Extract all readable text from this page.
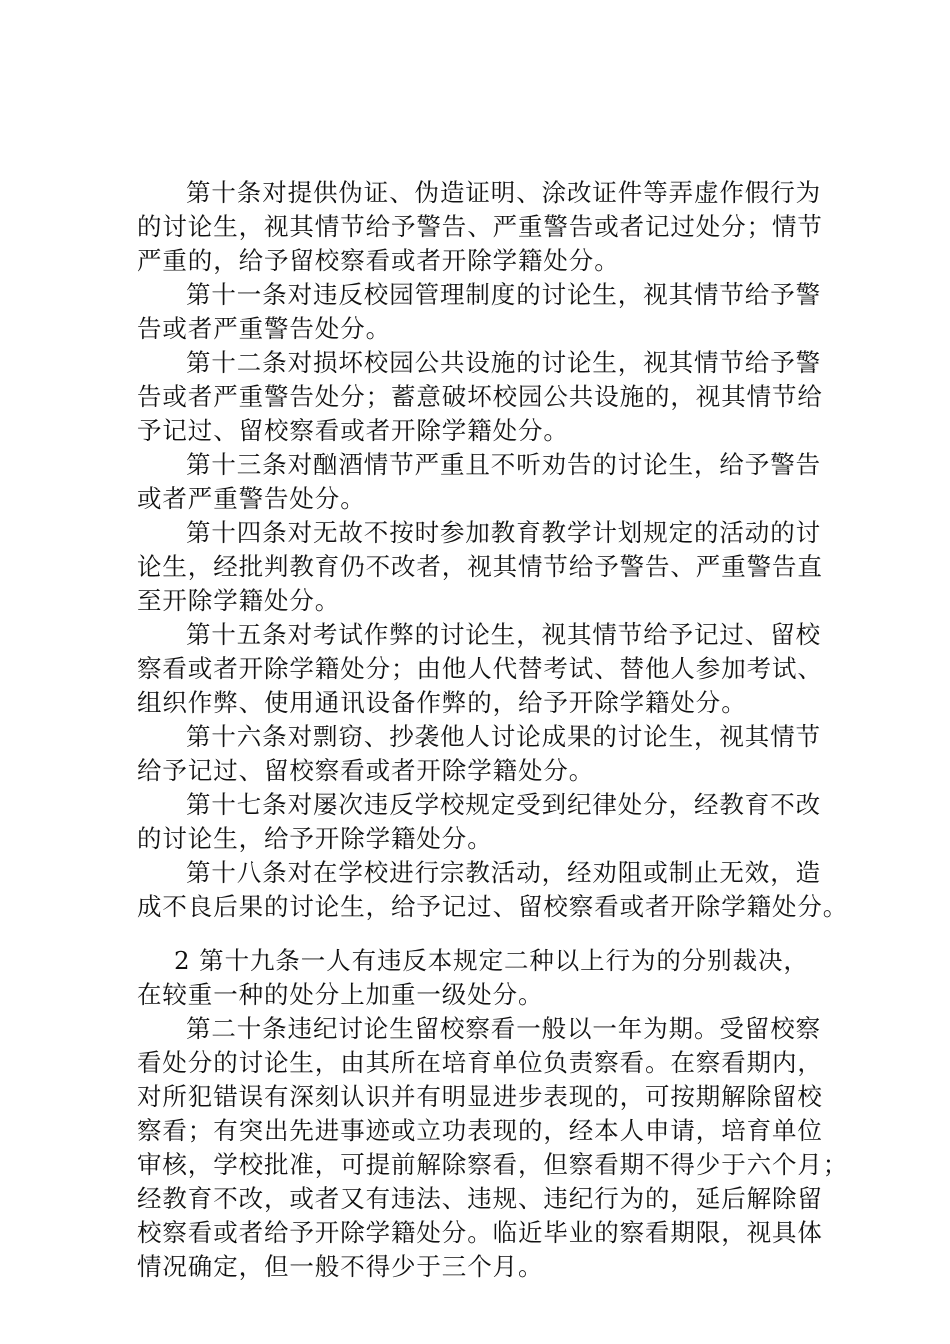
第十条对提供伪证、伪造证明、涂改证件等弄虚作假行为

的讨论生，视其情节给予警告、严重警告或者记过处分；情节

严重的，给予留校察看或者开除学籍处分。

第十一条对违反校园管理制度的讨论生，视其情节给予警

告或者严重警告处分。

第十二条对损坏校园公共设施的讨论生，视其情节给予警

告或者严重警告处分；蓄意破坏校园公共设施的，视其情节给

予记过、留校察看或者开除学籍处分。

第十三条对酗酒情节严重且不听劝告的讨论生，给予警告

或者严重警告处分。

第十四条对无故不按时参加教育教学计划规定的活动的讨

论生，经批判教育仍不改者，视其情节给予警告、严重警告直

至开除学籍处分。

第十五条对考试作弊的讨论生，视其情节给予记过、留校

察看或者开除学籍处分；由他人代替考试、替他人参加考试、

组织作弊、使用通讯设备作弊的，给予开除学籍处分。

第十六条对剽窃、抄袭他人讨论成果的讨论生，视其情节

给予记过、留校察看或者开除学籍处分。

第十七条对屡次违反学校规定受到纪律处分，经教育不改

的讨论生，给予开除学籍处分。

第十八条对在学校进行宗教活动，经劝阻或制止无效，造

成不良后果的讨论生，给予记过、留校察看或者开除学籍处分。

2 第十九条一人有违反本规定二种以上行为的分别裁决，

在较重一种的处分上加重一级处分。

第二十条违纪讨论生留校察看一般以一年为期。受留校察

看处分的讨论生，由其所在培育单位负责察看。在察看期内，

对所犯错误有深刻认识并有明显进步表现的，可按期解除留校

察看；有突出先进事迹或立功表现的，经本人申请，培育单位

审核，学校批准，可提前解除察看，但察看期不得少于六个月；

经教育不改，或者又有违法、违规、违纪行为的，延后解除留

校察看或者给予开除学籍处分。临近毕业的察看期限，视具体

情况确定，但一般不得少于三个月。
